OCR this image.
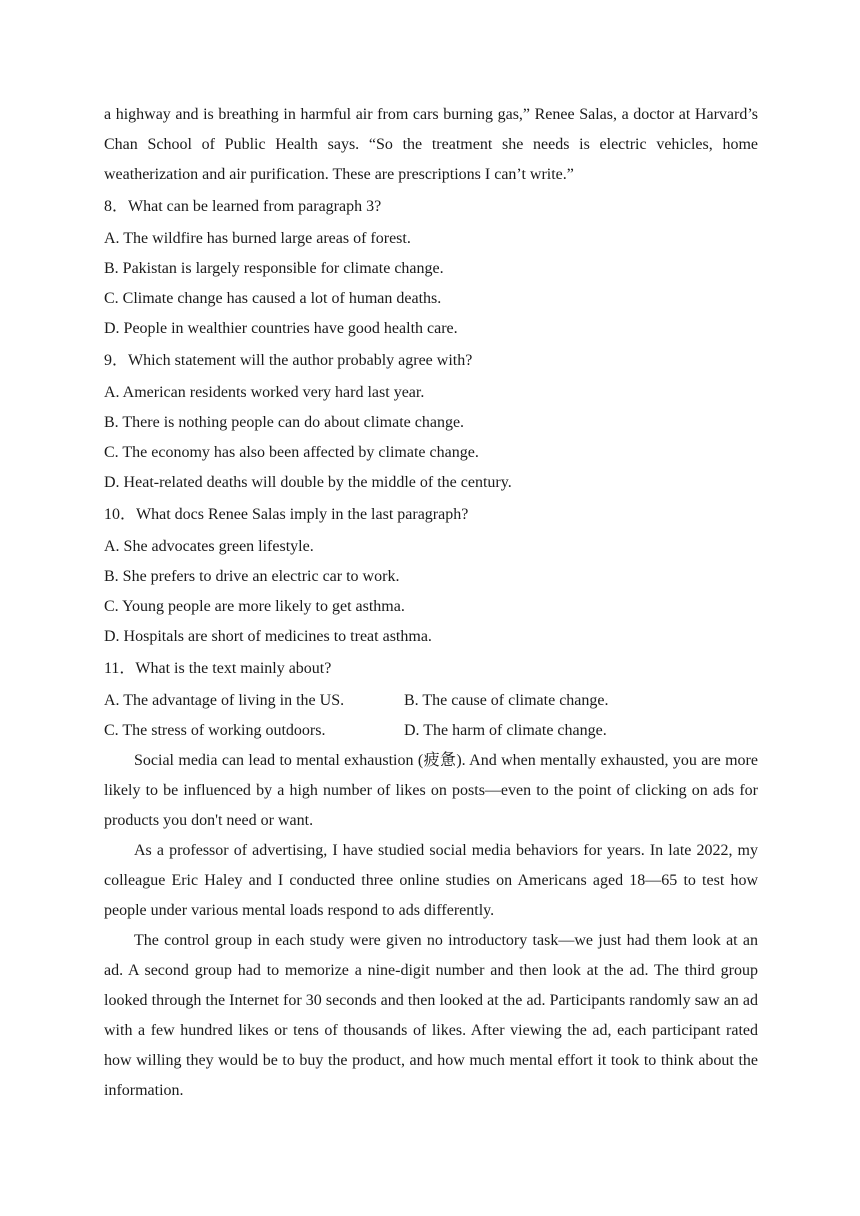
a highway and is breathing in harmful air from cars burning gas,” Renee Salas, a doctor at Harvard’s Chan School of Public Health says. “So the treatment she needs is electric vehicles, home weatherization and air purification. These are prescriptions I can’t write.”

8．What can be learned from paragraph 3?

A. The wildfire has burned large areas of forest.

B. Pakistan is largely responsible for climate change.

C. Climate change has caused a lot of human deaths.

D. People in wealthier countries have good health care.

9．Which statement will the author probably agree with?

A. American residents worked very hard last year.

B. There is nothing people can do about climate change.

C. The economy has also been affected by climate change.

D. Heat-related deaths will double by the middle of the century.

10．What docs Renee Salas imply in the last paragraph?

A. She advocates green lifestyle.

B. She prefers to drive an electric car to work.

C. Young people are more likely to get asthma.

D. Hospitals are short of medicines to treat asthma.

11．What is the text mainly about?

A. The advantage of living in the US.	B. The cause of climate change.
C. The stress of working outdoors.	D. The harm of climate change.

Social media can lead to mental exhaustion (疲惫). And when mentally exhausted, you are more likely to be influenced by a high number of likes on posts—even to the point of clicking on ads for products you don't need or want.

As a professor of advertising, I have studied social media behaviors for years. In late 2022, my colleague Eric Haley and I conducted three online studies on Americans aged 18—65 to test how people under various mental loads respond to ads differently.

The control group in each study were given no introductory task—we just had them look at an ad. A second group had to memorize a nine-digit number and then look at the ad. The third group looked through the Internet for 30 seconds and then looked at the ad. Participants randomly saw an ad with a few hundred likes or tens of thousands of likes. After viewing the ad, each participant rated how willing they would be to buy the product, and how much mental effort it took to think about the information.
